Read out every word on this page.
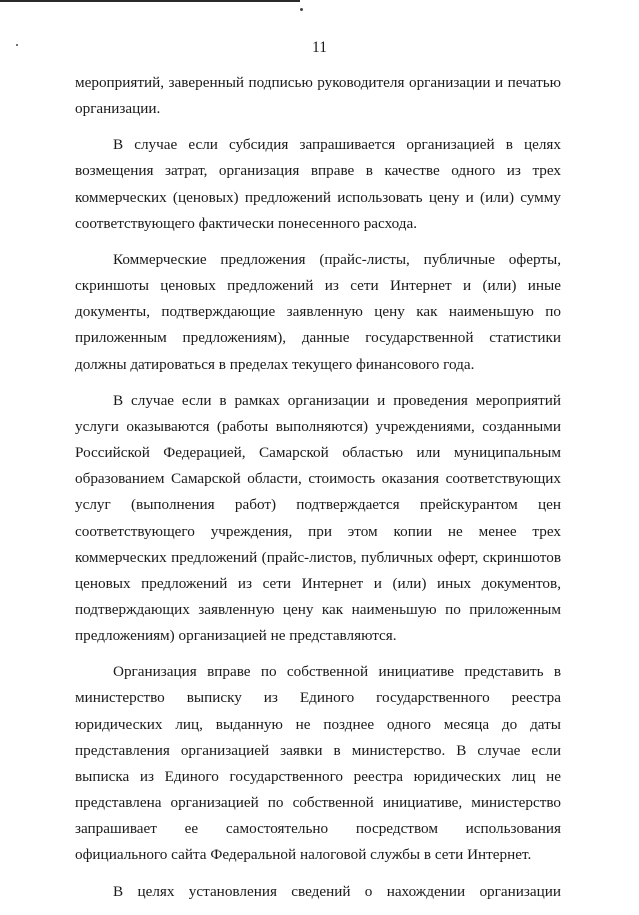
11

мероприятий, заверенный подписью руководителя организации и печатью организации.

В случае если субсидия запрашивается организацией в целях возмещения затрат, организация вправе в качестве одного из трех коммерческих (ценовых) предложений использовать цену и (или) сумму соответствующего фактически понесенного расхода.

Коммерческие предложения (прайс-листы, публичные оферты, скриншоты ценовых предложений из сети Интернет и (или) иные документы, подтверждающие заявленную цену как наименьшую по приложенным предложениям), данные государственной статистики должны датироваться в пределах текущего финансового года.

В случае если в рамках организации и проведения мероприятий услуги оказываются (работы выполняются) учреждениями, созданными Российской Федерацией, Самарской областью или муниципальным образованием Самарской области, стоимость оказания соответствующих услуг (выполнения работ) подтверждается прейскурантом цен соответствующего учреждения, при этом копии не менее трех коммерческих предложений (прайс-листов, публичных оферт, скриншотов ценовых предложений из сети Интернет и (или) иных документов, подтверждающих заявленную цену как наименьшую по приложенным предложениям) организацией не представляются.

Организация вправе по собственной инициативе представить в министерство выписку из Единого государственного реестра юридических лиц, выданную не позднее одного месяца до даты представления организацией заявки в министерство. В случае если выписка из Единого государственного реестра юридических лиц не представлена организацией по собственной инициативе, министерство запрашивает ее самостоятельно посредством использования официального сайта Федеральной налоговой службы в сети Интернет.

В целях установления сведений о нахождении организации
